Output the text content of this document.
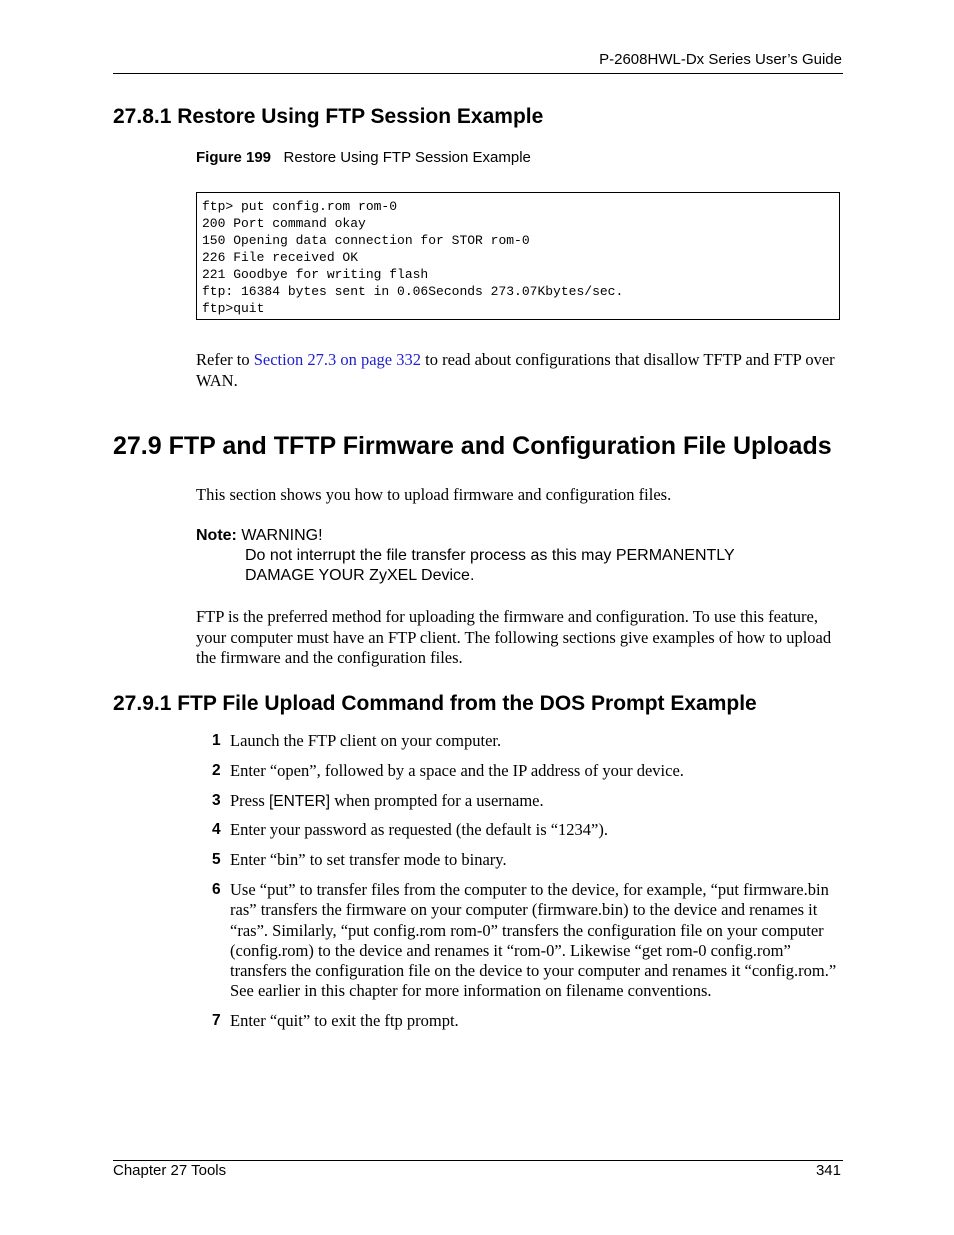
P-2608HWL-Dx Series User’s Guide
27.8.1 Restore Using FTP Session Example
Figure 199 Restore Using FTP Session Example
ftp> put config.rom rom-0
200 Port command okay
150 Opening data connection for STOR rom-0
226 File received OK
221 Goodbye for writing flash
ftp: 16384 bytes sent in 0.06Seconds 273.07Kbytes/sec.
ftp>quit
Refer to Section 27.3 on page 332 to read about configurations that disallow TFTP and FTP over WAN.
27.9 FTP and TFTP Firmware and Configuration File Uploads
This section shows you how to upload firmware and configuration files.
Note: WARNING!
Do not interrupt the file transfer process as this may PERMANENTLY
DAMAGE YOUR ZyXEL Device.
FTP is the preferred method for uploading the firmware and configuration. To use this feature, your computer must have an FTP client. The following sections give examples of how to upload the firmware and the configuration files.
27.9.1 FTP File Upload Command from the DOS Prompt Example
1 Launch the FTP client on your computer.
2 Enter “open”, followed by a space and the IP address of your device.
3 Press [ENTER] when prompted for a username.
4 Enter your password as requested (the default is “1234”).
5 Enter “bin” to set transfer mode to binary.
6 Use “put” to transfer files from the computer to the device, for example, “put firmware.bin ras” transfers the firmware on your computer (firmware.bin) to the device and renames it “ras”. Similarly, “put config.rom rom-0” transfers the configuration file on your computer (config.rom) to the device and renames it “rom-0”. Likewise “get rom-0 config.rom” transfers the configuration file on the device to your computer and renames it “config.rom.” See earlier in this chapter for more information on filename conventions.
7 Enter “quit” to exit the ftp prompt.
Chapter 27 Tools	341
